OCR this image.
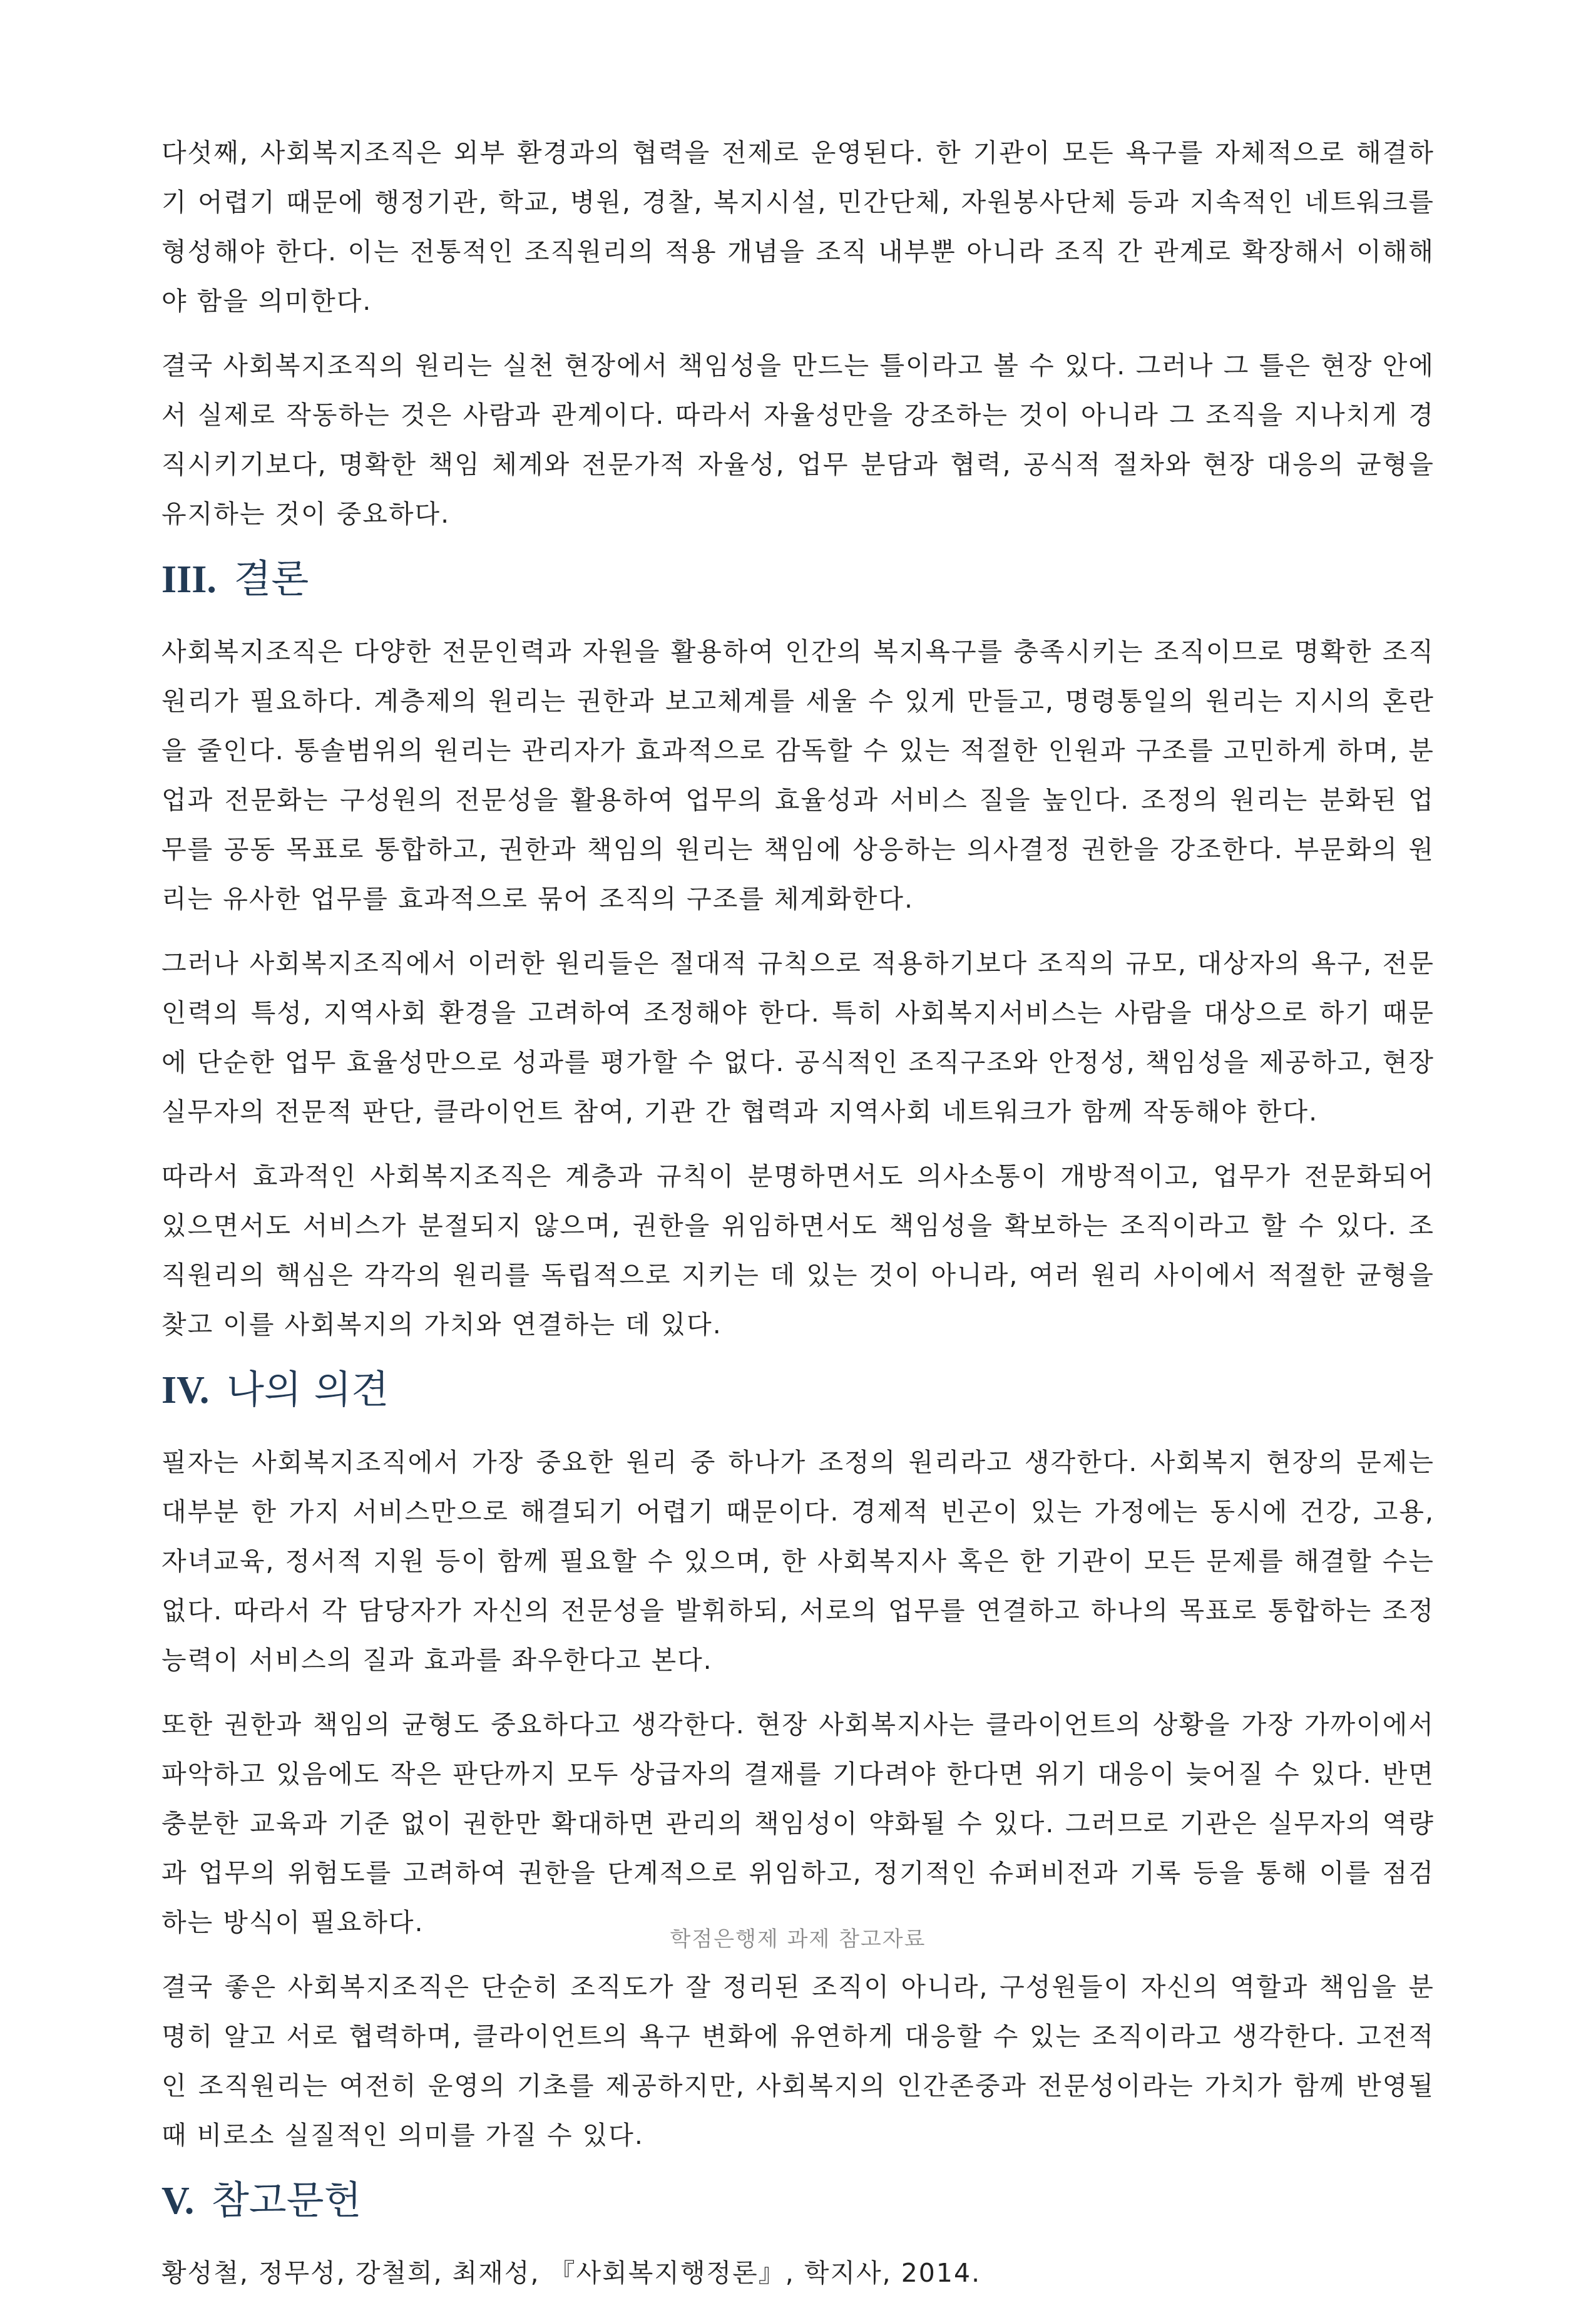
다섯째, 사회복지조직은 외부 환경과의 협력을 전제로 운영된다. 한 기관이 모든 욕구를 자체적으로 해결하기 어렵기 때문에 행정기관, 학교, 병원, 경찰, 복지시설, 민간단체, 자원봉사단체 등과 지속적인 네트워크를 형성해야 한다. 이는 전통적인 조직원리의 적용 개념을 조직 내부뿐 아니라 조직 간 관계로 확장해서 이해해야 함을 의미한다.

결국 사회복지조직의 원리는 실천 현장에서 책임성을 만드는 틀이라고 볼 수 있다. 그러나 그 틀은 현장 안에서 실제로 작동하는 것은 사람과 관계이다. 따라서 자율성만을 강조하는 것이 아니라 그 조직을 지나치게 경직시키기보다, 명확한 책임 체계와 전문가적 자율성, 업무 분담과 협력, 공식적 절차와 현장 대응의 균형을 유지하는 것이 중요하다.

III. 결론

사회복지조직은 다양한 전문인력과 자원을 활용하여 인간의 복지욕구를 충족시키는 조직이므로 명확한 조직원리가 필요하다. 계층제의 원리는 권한과 보고체계를 세울 수 있게 만들고, 명령통일의 원리는 지시의 혼란을 줄인다. 통솔범위의 원리는 관리자가 효과적으로 감독할 수 있는 적절한 인원과 구조를 고민하게 하며, 분업과 전문화는 구성원의 전문성을 활용하여 업무의 효율성과 서비스 질을 높인다. 조정의 원리는 분화된 업무를 공동 목표로 통합하고, 권한과 책임의 원리는 책임에 상응하는 의사결정 권한을 강조한다. 부문화의 원리는 유사한 업무를 효과적으로 묶어 조직의 구조를 체계화한다.

그러나 사회복지조직에서 이러한 원리들은 절대적 규칙으로 적용하기보다 조직의 규모, 대상자의 욕구, 전문인력의 특성, 지역사회 환경을 고려하여 조정해야 한다. 특히 사회복지서비스는 사람을 대상으로 하기 때문에 단순한 업무 효율성만으로 성과를 평가할 수 없다. 공식적인 조직구조와 안정성, 책임성을 제공하고, 현장 실무자의 전문적 판단, 클라이언트 참여, 기관 간 협력과 지역사회 네트워크가 함께 작동해야 한다.

따라서 효과적인 사회복지조직은 계층과 규칙이 분명하면서도 의사소통이 개방적이고, 업무가 전문화되어 있으면서도 서비스가 분절되지 않으며, 권한을 위임하면서도 책임성을 확보하는 조직이라고 할 수 있다. 조직원리의 핵심은 각각의 원리를 독립적으로 지키는 데 있는 것이 아니라, 여러 원리 사이에서 적절한 균형을 찾고 이를 사회복지의 가치와 연결하는 데 있다.

IV. 나의 의견

필자는 사회복지조직에서 가장 중요한 원리 중 하나가 조정의 원리라고 생각한다. 사회복지 현장의 문제는 대부분 한 가지 서비스만으로 해결되기 어렵기 때문이다. 경제적 빈곤이 있는 가정에는 동시에 건강, 고용, 자녀교육, 정서적 지원 등이 함께 필요할 수 있으며, 한 사회복지사 혹은 한 기관이 모든 문제를 해결할 수는 없다. 따라서 각 담당자가 자신의 전문성을 발휘하되, 서로의 업무를 연결하고 하나의 목표로 통합하는 조정 능력이 서비스의 질과 효과를 좌우한다고 본다.

또한 권한과 책임의 균형도 중요하다고 생각한다. 현장 사회복지사는 클라이언트의 상황을 가장 가까이에서 파악하고 있음에도 작은 판단까지 모두 상급자의 결재를 기다려야 한다면 위기 대응이 늦어질 수 있다. 반면 충분한 교육과 기준 없이 권한만 확대하면 관리의 책임성이 약화될 수 있다. 그러므로 기관은 실무자의 역량과 업무의 위험도를 고려하여 권한을 단계적으로 위임하고, 정기적인 슈퍼비전과 기록 등을 통해 이를 점검하는 방식이 필요하다.

결국 좋은 사회복지조직은 단순히 조직도가 잘 정리된 조직이 아니라, 구성원들이 자신의 역할과 책임을 분명히 알고 서로 협력하며, 클라이언트의 욕구 변화에 유연하게 대응할 수 있는 조직이라고 생각한다. 고전적인 조직원리는 여전히 운영의 기초를 제공하지만, 사회복지의 인간존중과 전문성이라는 가치가 함께 반영될 때 비로소 실질적인 의미를 가질 수 있다.

V. 참고문헌

황성철, 정무성, 강철희, 최재성, 『사회복지행정론』, 학지사, 2014.

학점은행제 과제 참고자료
